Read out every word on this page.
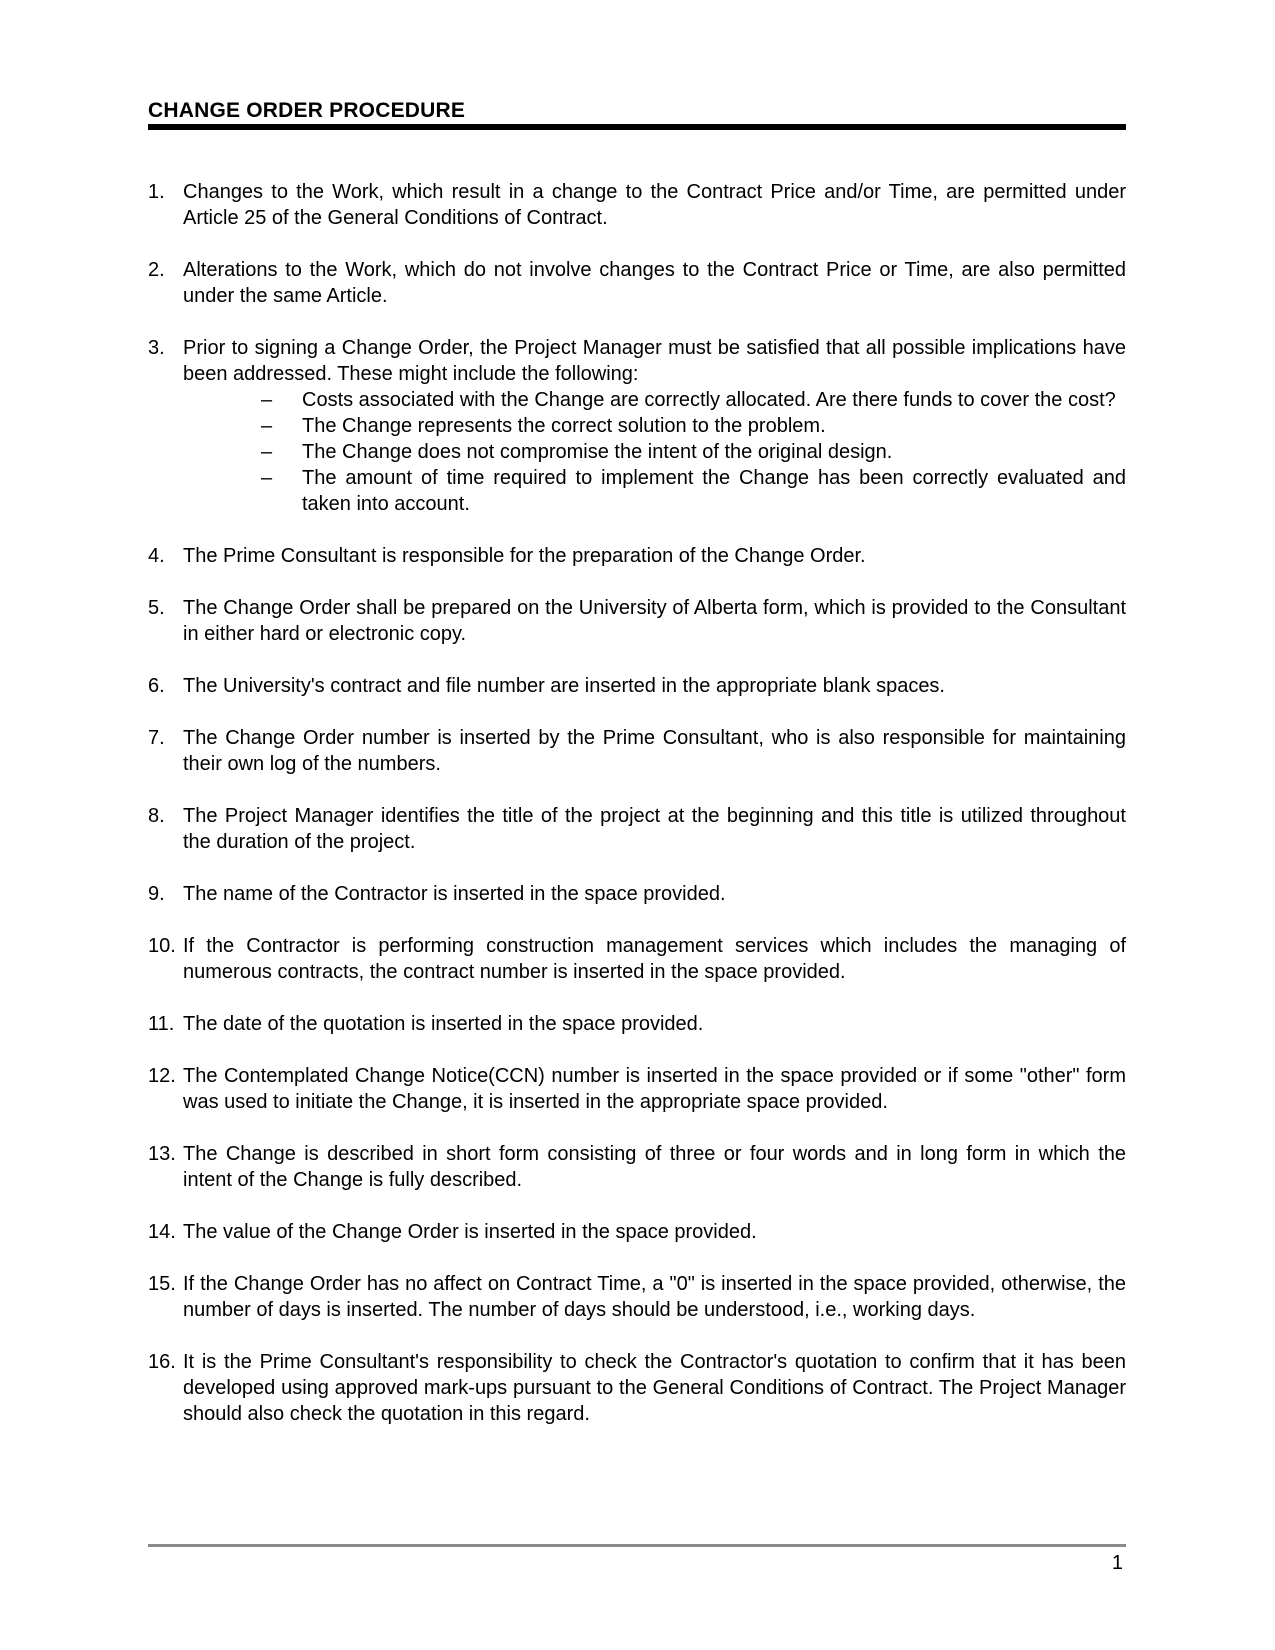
CHANGE ORDER PROCEDURE
1. Changes to the Work, which result in a change to the Contract Price and/or Time, are permitted under Article 25 of the General Conditions of Contract.
2. Alterations to the Work, which do not involve changes to the Contract Price or Time, are also permitted under the same Article.
3. Prior to signing a Change Order, the Project Manager must be satisfied that all possible implications have been addressed. These might include the following:
– Costs associated with the Change are correctly allocated. Are there funds to cover the cost?
– The Change represents the correct solution to the problem.
– The Change does not compromise the intent of the original design.
– The amount of time required to implement the Change has been correctly evaluated and taken into account.
4. The Prime Consultant is responsible for the preparation of the Change Order.
5. The Change Order shall be prepared on the University of Alberta form, which is provided to the Consultant in either hard or electronic copy.
6. The University's contract and file number are inserted in the appropriate blank spaces.
7. The Change Order number is inserted by the Prime Consultant, who is also responsible for maintaining their own log of the numbers.
8. The Project Manager identifies the title of the project at the beginning and this title is utilized throughout the duration of the project.
9. The name of the Contractor is inserted in the space provided.
10. If the Contractor is performing construction management services which includes the managing of numerous contracts, the contract number is inserted in the space provided.
11. The date of the quotation is inserted in the space provided.
12. The Contemplated Change Notice(CCN) number is inserted in the space provided or if some "other" form was used to initiate the Change, it is inserted in the appropriate space provided.
13. The Change is described in short form consisting of three or four words and in long form in which the intent of the Change is fully described.
14. The value of the Change Order is inserted in the space provided.
15. If the Change Order has no affect on Contract Time, a "0" is inserted in the space provided, otherwise, the number of days is inserted. The number of days should be understood, i.e., working days.
16. It is the Prime Consultant's responsibility to check the Contractor's quotation to confirm that it has been developed using approved mark-ups pursuant to the General Conditions of Contract. The Project Manager should also check the quotation in this regard.
1
